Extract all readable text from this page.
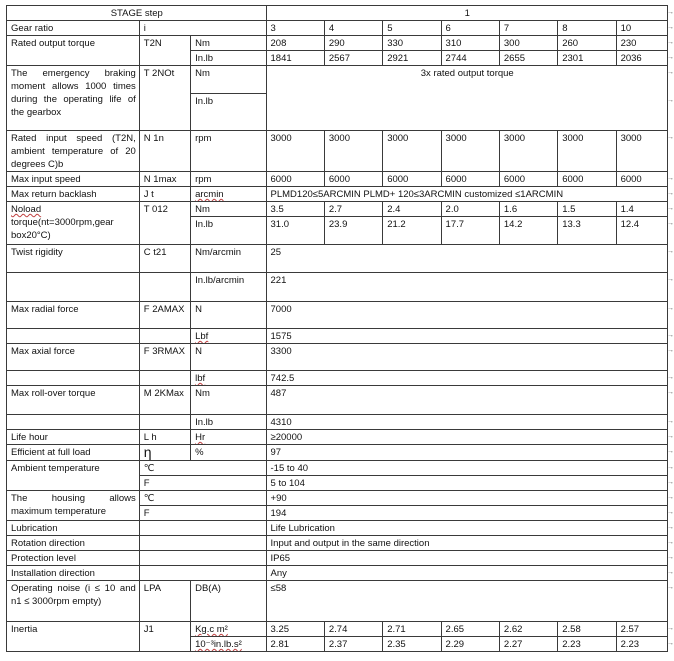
STAGE step			1						
Gear ratio	i		3	4	5	6	7	8	10
Rated output torque	T2N	Nm	208	290	330	310	300	260	230
		In.lb	1841	2567	2921	2744	2655	2301	2036
The emergency braking moment allows 1000 times during the operating life of the gearbox	T 2NOt	Nm	3x rated output torque						
		In.lb							
Rated input speed (T2N, ambient temperature of 20 degrees C)b	N 1n	rpm	3000	3000	3000	3000	3000	3000	3000
Max input speed	N 1max	rpm	6000	6000	6000	6000	6000	6000	6000
Max return backlash	J t	arcmin	PLMD120≤5ARCMIN PLMD+ 120≤3ARCMIN customized ≤1ARCMIN						
Noload torque(nt=3000rpm,gear box20°C)	T 012	Nm	3.5	2.7	2.4	2.0	1.6	1.5	1.4
		In.lb	31.0	23.9	21.2	17.7	14.2	13.3	12.4
Twist rigidity	C t21	Nm/arcmin	25						
		In.lb/arcmin	221						
Max radial force	F 2AMAX	N	7000						
		Lbf	1575						
Max axial force	F 3RMAX	N	3300						
		lbf	742.5						
Max roll-over torque	M 2KMax	Nm	487						
		In.lb	4310						
Life hour	L h	Hr	≥20000						
Efficient at full load	η	%	97						
Ambient temperature	℃		-15 to 40						
	F		5 to 104						
The housing allows maximum temperature	℃		+90						
	F		194						
Lubrication			Life Lubrication						
Rotation direction			Input and output in the same direction						
Protection level			IP65						
Installation direction			Any						
Operating noise (i ≤ 10 and n1 ≤ 3000rpm empty)	LPA	DB(A)	≤58						
Inertia	J1	Kg.c m²	3.25	2.74	2.71	2.65	2.62	2.58	2.57
		10⁻³in.lb.s²	2.81	2.37	2.35	2.29	2.27	2.23	2.23
→
→
→
→
→
→
→
→
→
→
→
→
→
→
→
→
→
→
→
→
→
→
→
→
→
→
→
→
→
→
→
→
